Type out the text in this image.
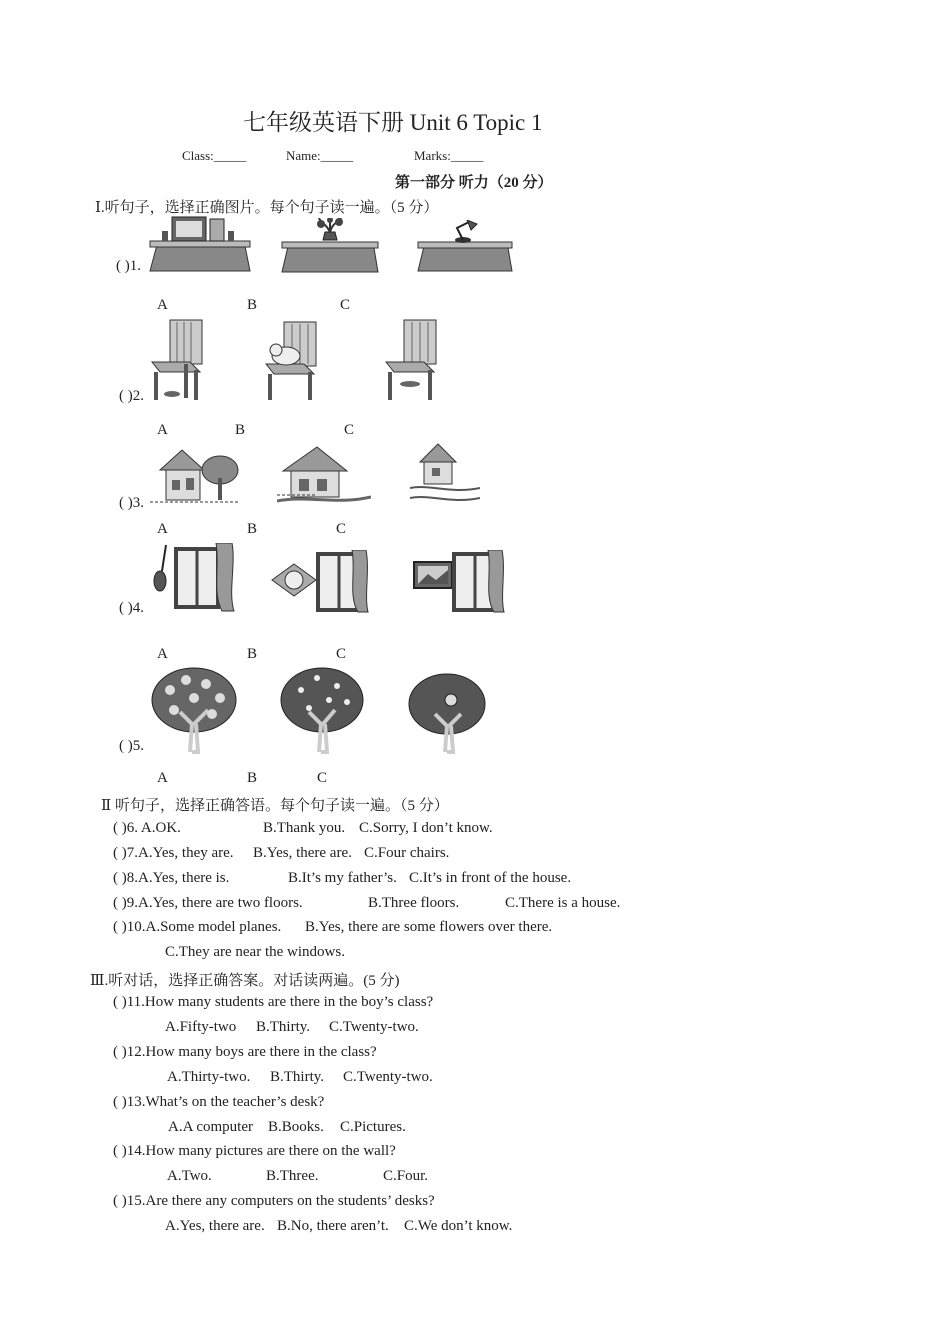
七年级英语下册 Unit 6 Topic 1
Class:_____	Name:_____	Marks:_____
第一部分 听力（20 分）
Ⅰ.听句子，选择正确图片。每个句子读一遍。（5 分）
( )1.
A	B	C
( )2.
A	B	C
( )3.
A	B	C
( )4.
A	B	C
( )5.
A	B	C
Ⅱ 听句子，选择正确答语。每个句子读一遍。（5 分）
( )6. A.OK.	B.Thank you. C.Sorry, I don’t know.
( )7.A.Yes, they are. B.Yes, there are. C.Four chairs.
( )8.A.Yes, there is.	B.It’s my father’s. C.It’s in front of the house.
( )9.A.Yes, there are two floors.	B.Three floors.	C.There is a house.
( )10.A.Some model planes. B.Yes, there are some flowers over there.
C.They are near the windows.
Ⅲ.听对话，选择正确答案。对话读两遍。(5 分)
( )11.How many students are there in the boy’s class?
A.Fifty-two B.Thirty. C.Twenty-two.
( )12.How many boys are there in the class?
A.Thirty-two. B.Thirty. C.Twenty-two.
( )13.What’s on the teacher’s desk?
A.A computer B.Books. C.Pictures.
( )14.How many pictures are there on the wall?
A.Two.	B.Three.	C.Four.
( )15.Are there any computers on the students’ desks?
A.Yes, there are. B.No, there aren’t. C.We don’t know.
